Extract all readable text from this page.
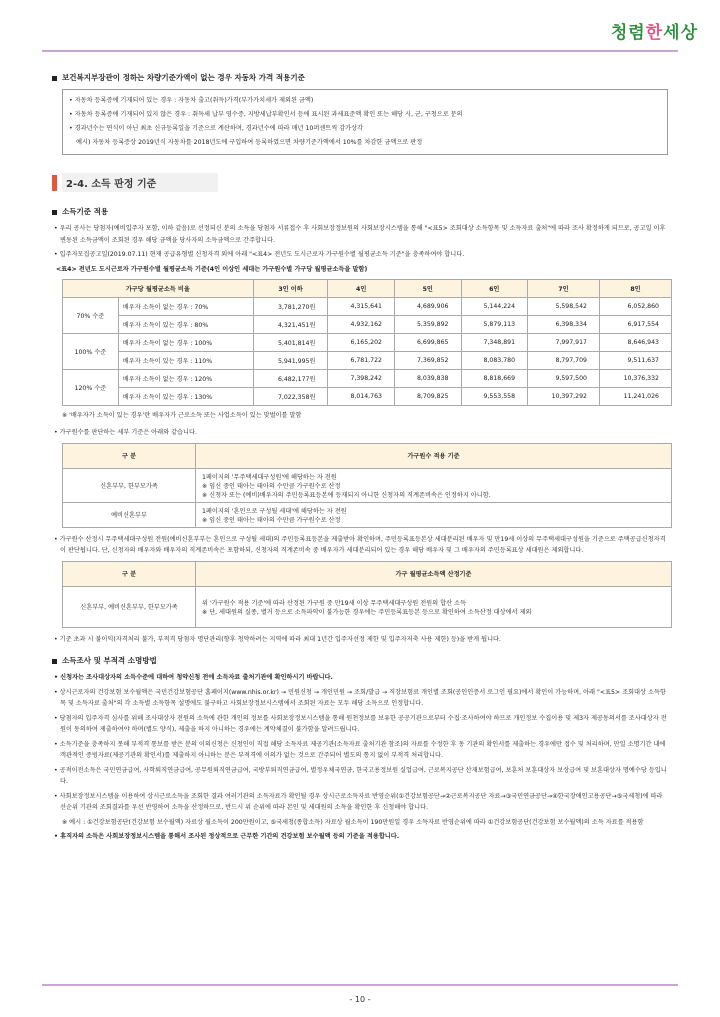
청렴한세상
보건복지부장관이 정하는 차량기준가액이 없는 경우 자동차 가격 적용기준
• 자동차 등록증에 기재되어 있는 경우 : 자동차 출고(취득)가격(부가가치세가 제외된 금액)
• 자동차 등록증에 기재되어 있지 않은 경우 : 취득세 납부 영수증, 지방세납부확인서 등에 표시된 과세표준액 확인 또는 해당 시, 군, 구청으로 문의
• 경과년수는 연식이 아닌 최초 신규등록일을 기준으로 계산하며, 경과년수에 따라 매년 10퍼센트씩 감가상각
예시) 자동차 등록증상 2019년식 자동차를 2018년도에 구입하여 등록하였으면 차량기준가액에서 10%를 차감한 금액으로 판정
2-4. 소득 판정 기준
소득기준 적용
• 우리 공사는 당첨자(예비입주자 포함, 이하 같음)로 선정되신 분의 소득을 당첨자 서류접수 후 사회보장정보원의 사회보장시스템을 통해 "<표5> 조회대상 소득항목 및 소득자료 출처"에 따라 조사 확정하게 되므로, 공고일 이후 변동된 소득금액이 조회된 경우 해당 금액을 당사자의 소득금액으로 간주합니다.
• 입주자모집공고일(2019.07.11) 현재 공급유형별 신청자격 외에 아래 "<표4> 전년도 도시근로자 가구원수별 월평균소득 기준"을 충족하여야 합니다.
<표4> 전년도 도시근로자 가구원수별 월평균소득 기준(4인 이상인 세대는 가구원수별 가구당 월평균소득을 말함)
가구당 월평균소득 비율		3인 이하	4인	5인	6인	7인	8인
70% 수준	배우자 소득이 없는 경우 : 70%	3,781,270원	4,315,641	4,689,906	5,144,224	5,598,542	6,052,860
	배우자 소득이 있는 경우 : 80%	4,321,451원	4,932,162	5,359,892	5,879,113	6,398,334	6,917,554
100% 수준	배우자 소득이 없는 경우 : 100%	5,401,814원	6,165,202	6,699,865	7,348,891	7,997,917	8,646,943
	배우자 소득이 있는 경우 : 110%	5,941,995원	6,781,722	7,369,852	8,083,780	8,797,709	9,511,637
120% 수준	배우자 소득이 없는 경우 : 120%	6,482,177원	7,398,242	8,039,838	8,818,669	9,597,500	10,376,332
	배우자 소득이 있는 경우 : 130%	7,022,358원	8,014,763	8,709,825	9,553,558	10,397,292	11,241,026
※ '배우자가 소득이 있는 경우'란 배우자가 근로소득 또는 사업소득이 있는 맞벌이를 말함
• 가구원수를 판단하는 세부 기준은 아래와 같습니다.
구 분	가구원수 적용 기준
신혼부부, 한부모가족	1페이지의 '무주택세대구성원'에 해당하는 자 전원
※ 임신 중인 태아는 태아의 수만큼 가구원수로 산정
※ 신청자 또는 (예비)배우자의 주민등록표등본에 등재되지 아니한 신청자의 직계존비속은 인정하지 아니함.

예비신혼부부	1페이지의 '혼인으로 구성될 세대'에 해당하는 자 전원
※ 임신 중인 태아는 태아의 수만큼 가구원수로 산정
• 가구원수 산정시 무주택세대구성원 전원(예비신혼부부는 혼인으로 구성될 세대)의 주민등록표등본을 제출받아 확인하며, 주민등록표등본상 세대분리된 배우자 및 만19세 이상의 무주택세대구성원을 기준으로 주택공급신청자격이 판단됩니다. 단, 신청자의 배우자와 배우자의 직계존비속은 포함하되, 신청자의 직계존비속 중 배우자가 세대분리되어 있는 경우 해당 배우자 및 그 배우자의 주민등록표상 세대원은 제외합니다.
구 분	가구 월평균소득액 산정기준
신혼부부, 예비신혼부부, 한부모가족	위 '가구원수 적용 기준'에 따라 산정된 가구원 중 만19세 이상 무주택세대구성원 전원의 합산 소득
※ 단, 세대원의 실종, 별거 등으로 소득파악이 불가능한 경우에는 주민등록표등본 등으로 확인하여 소득산정 대상에서 제외
• 기준 초과 시 불이익(자격처리 불가, 부적격 당첨자 명단관리(향후 청약하려는 지역에 따라 최대 1년간 입주자선정 제한 및 입주자저축 사용 제한) 등)을 받게 됩니다.
소득조사 및 부적격 소명방법
• 신청자는 조사대상자의 소득수준에 대하여 청약신청 전에 소득자료 출처기관에 확인하시기 바랍니다.
• 상시근로자의 건강보험 보수월액은 국민건강보험공단 홈페이지(www.nhis.or.kr) → 민원신청 → 개인민원 → 조회/발급 → 직장보험료 개인별 조회(공인인증서 로그인 필요)에서 확인이 가능하며, 아래 "<표5> 조회대상 소득항목 및 소득자료 출처"의 각 소득별 소득항목 설명에도 불구하고 사회보장정보시스템에서 조회된 자료는 모두 해당 소득으로 인정합니다.
• 당첨자의 입주자격 심사를 위해 조사대상자 전원의 소득에 관한 개인의 정보를 사회보장정보시스템을 통해 원천정보를 보유한 공공기관으로부터 수집·조사하여야 하므로 개인정보 수집이용 및 제3자 제공동의서를 조사대상자 전원이 동의하여 제출하여야 하며(별도 양식), 제출을 하지 아니하는 경우에는 계약체결이 불가함을 알려드립니다.
• 소득기준을 충족하지 못해 부적격 통보를 받은 분의 이의신청은 신청인이 직접 해당 소득자료 제공기관(소득자료 출처기관 참조)의 자료를 수정한 후 동 기관의 확인서를 제출하는 경우에만 접수 및 처리하며, 만일 소명기간 내에 객관적인 증빙자료(제공기관의 확인서)를 제출하지 아니하는 분은 부적격에 이의가 없는 것으로 간주되어 별도의 통지 없이 부적격 처리합니다.
• 공적이전소득은 국민연금급여, 사학퇴직연금급여, 공무원퇴직연금급여, 국방부퇴직연금급여, 별정우체국연금, 한국고용정보원 실업급여, 근로복지공단 산재보험급여, 보훈처 보훈대상자 보상급여 및 보훈대상자 명예수당 등입니다.
• 사회보장정보시스템을 이용하여 상시근로소득을 조회한 결과 여러기관의 소득자료가 확인될 경우 상시근로소득자료 반영순위(①건강보험공단→②근로복지공단 자료→③국민연금공단→④한국장애인고용공단→⑤국세청)에 따라 선순위 기관의 조회결과를 우선 반영하여 소득을 산정하므로, 반드시 위 순위에 따라 본인 및 세대원의 소득을 확인한 후 신청해야 합니다.
※ 예시 : ①건강보험공단(건강보험 보수월액) 자료상 월소득이 200만원이고, ⑤국세청(종합소득) 자료상 월소득이 190만원일 경우 소득자료 반영순위에 따라 ①건강보험공단(건강보험 보수월액)의 소득 자료를 적용함
• 휴직자의 소득은 사회보장정보시스템을 통해서 조사된 정상적으로 근무한 기간의 건강보험 보수월액 등의 기준을 적용합니다.
- 10 -
